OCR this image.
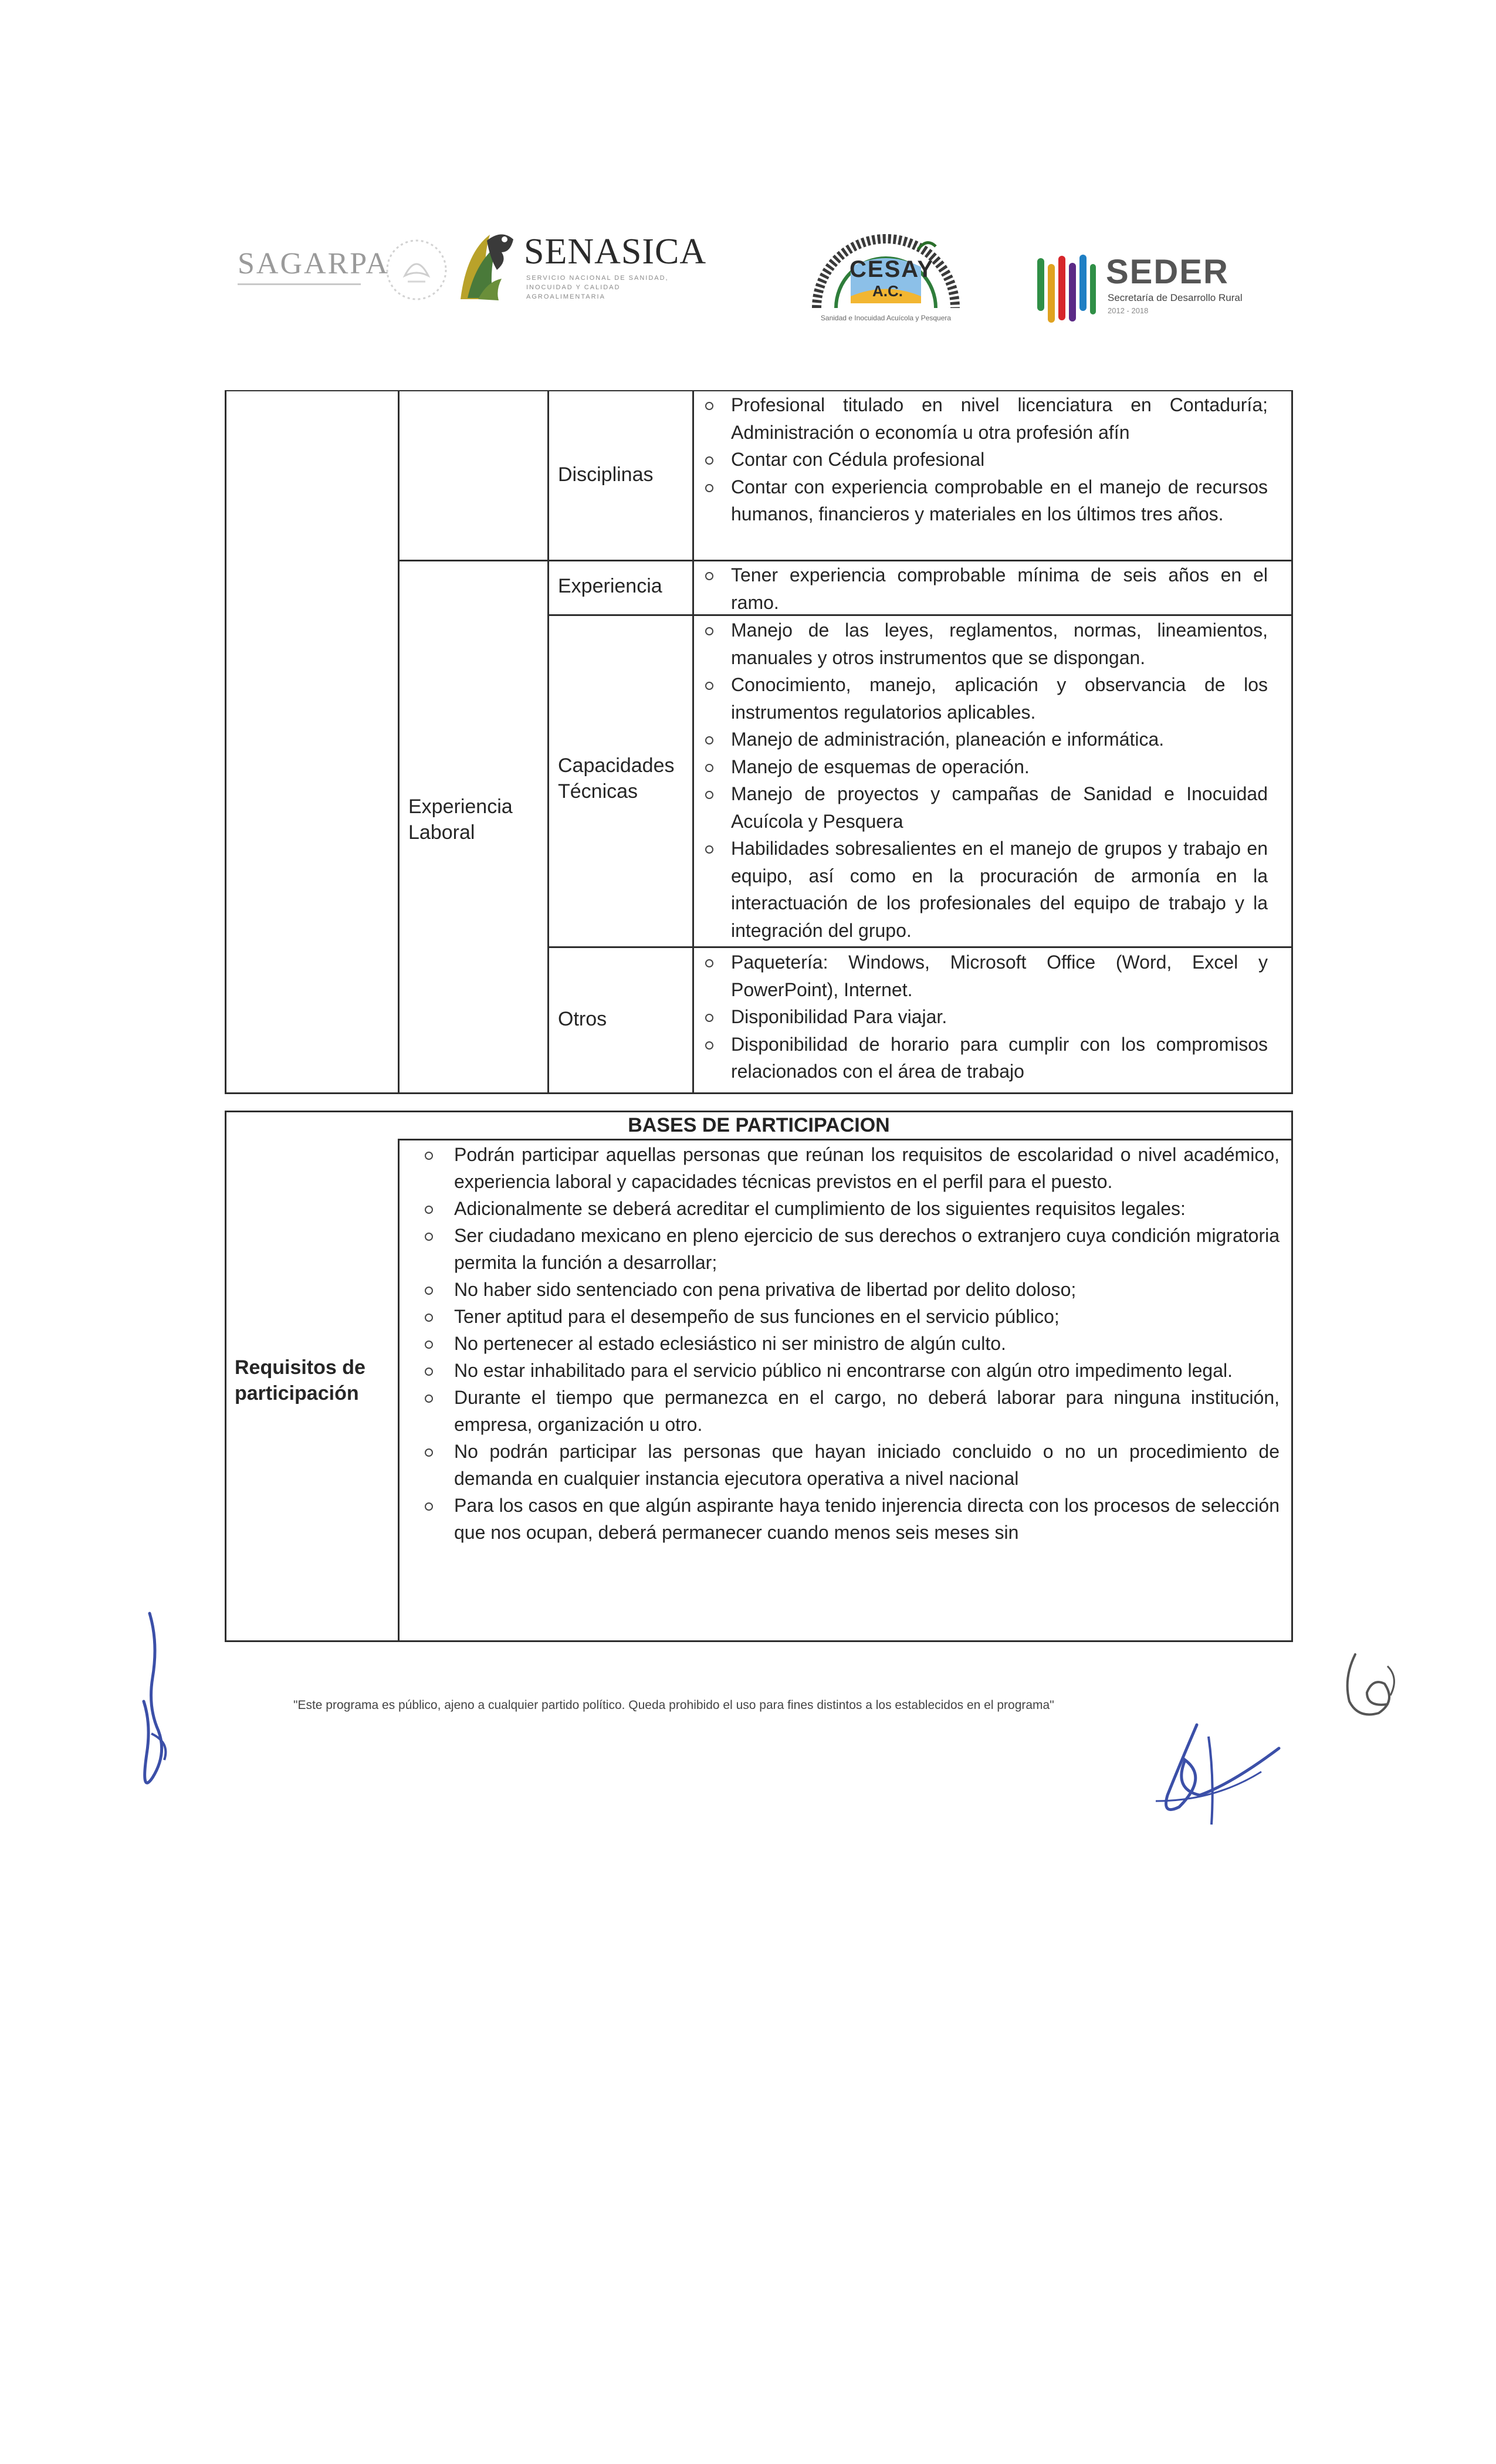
SAGARPA	SENASICA
SERVICIO NACIONAL DE SANIDAD,
INOCUIDAD Y CALIDAD
AGROALIMENTARIA
CESAY
A.C.
Sanidad e Inocuidad Acuícola y Pesquera
SEDER
Secretaría de Desarrollo Rural
2012 - 2018
Experiencia Laboral
Disciplinas
Experiencia
Capacidades Técnicas
Otros
Profesional titulado en nivel licenciatura en Contaduría; Administración o economía u otra profesión afín
Contar con Cédula profesional
Contar con experiencia comprobable en el manejo de recursos humanos, financieros y materiales en los últimos tres años.
Tener experiencia comprobable mínima de seis años en el ramo.
Manejo de las leyes, reglamentos, normas, lineamientos, manuales y otros instrumentos que se dispongan.
Conocimiento, manejo, aplicación y observancia de los instrumentos regulatorios aplicables.
Manejo de administración, planeación e informática.
Manejo de esquemas de operación.
Manejo de proyectos y campañas de Sanidad e Inocuidad Acuícola y Pesquera
Habilidades sobresalientes en el manejo de grupos y trabajo en equipo, así como en la procuración de armonía en la interactuación de los profesionales del equipo de trabajo y la integración del grupo.
Paquetería: Windows, Microsoft Office (Word, Excel y PowerPoint), Internet.
Disponibilidad Para viajar.
Disponibilidad de horario para cumplir con los compromisos relacionados con el área de trabajo
BASES DE PARTICIPACION
Requisitos de participación
Podrán participar aquellas personas que reúnan los requisitos de escolaridad o nivel académico, experiencia laboral y capacidades técnicas previstos en el perfil para el puesto.
Adicionalmente se deberá acreditar el cumplimiento de los siguientes requisitos legales:
Ser ciudadano mexicano en pleno ejercicio de sus derechos o extranjero cuya condición migratoria permita la función a desarrollar;
No haber sido sentenciado con pena privativa de libertad por delito doloso;
Tener aptitud para el desempeño de sus funciones en el servicio público;
No pertenecer al estado eclesiástico ni ser ministro de algún culto.
No estar inhabilitado para el servicio público ni encontrarse con algún otro impedimento legal.
Durante el tiempo que permanezca en el cargo, no deberá laborar para ninguna institución, empresa, organización u otro.
No podrán participar las personas que hayan iniciado concluido o no un procedimiento de demanda en cualquier instancia ejecutora operativa a nivel nacional
Para los casos en que algún aspirante haya tenido injerencia directa con los procesos de selección que nos ocupan, deberá permanecer cuando menos seis meses sin
"Este programa es público, ajeno a cualquier partido político. Queda prohibido el uso para fines distintos a los establecidos en el programa"
